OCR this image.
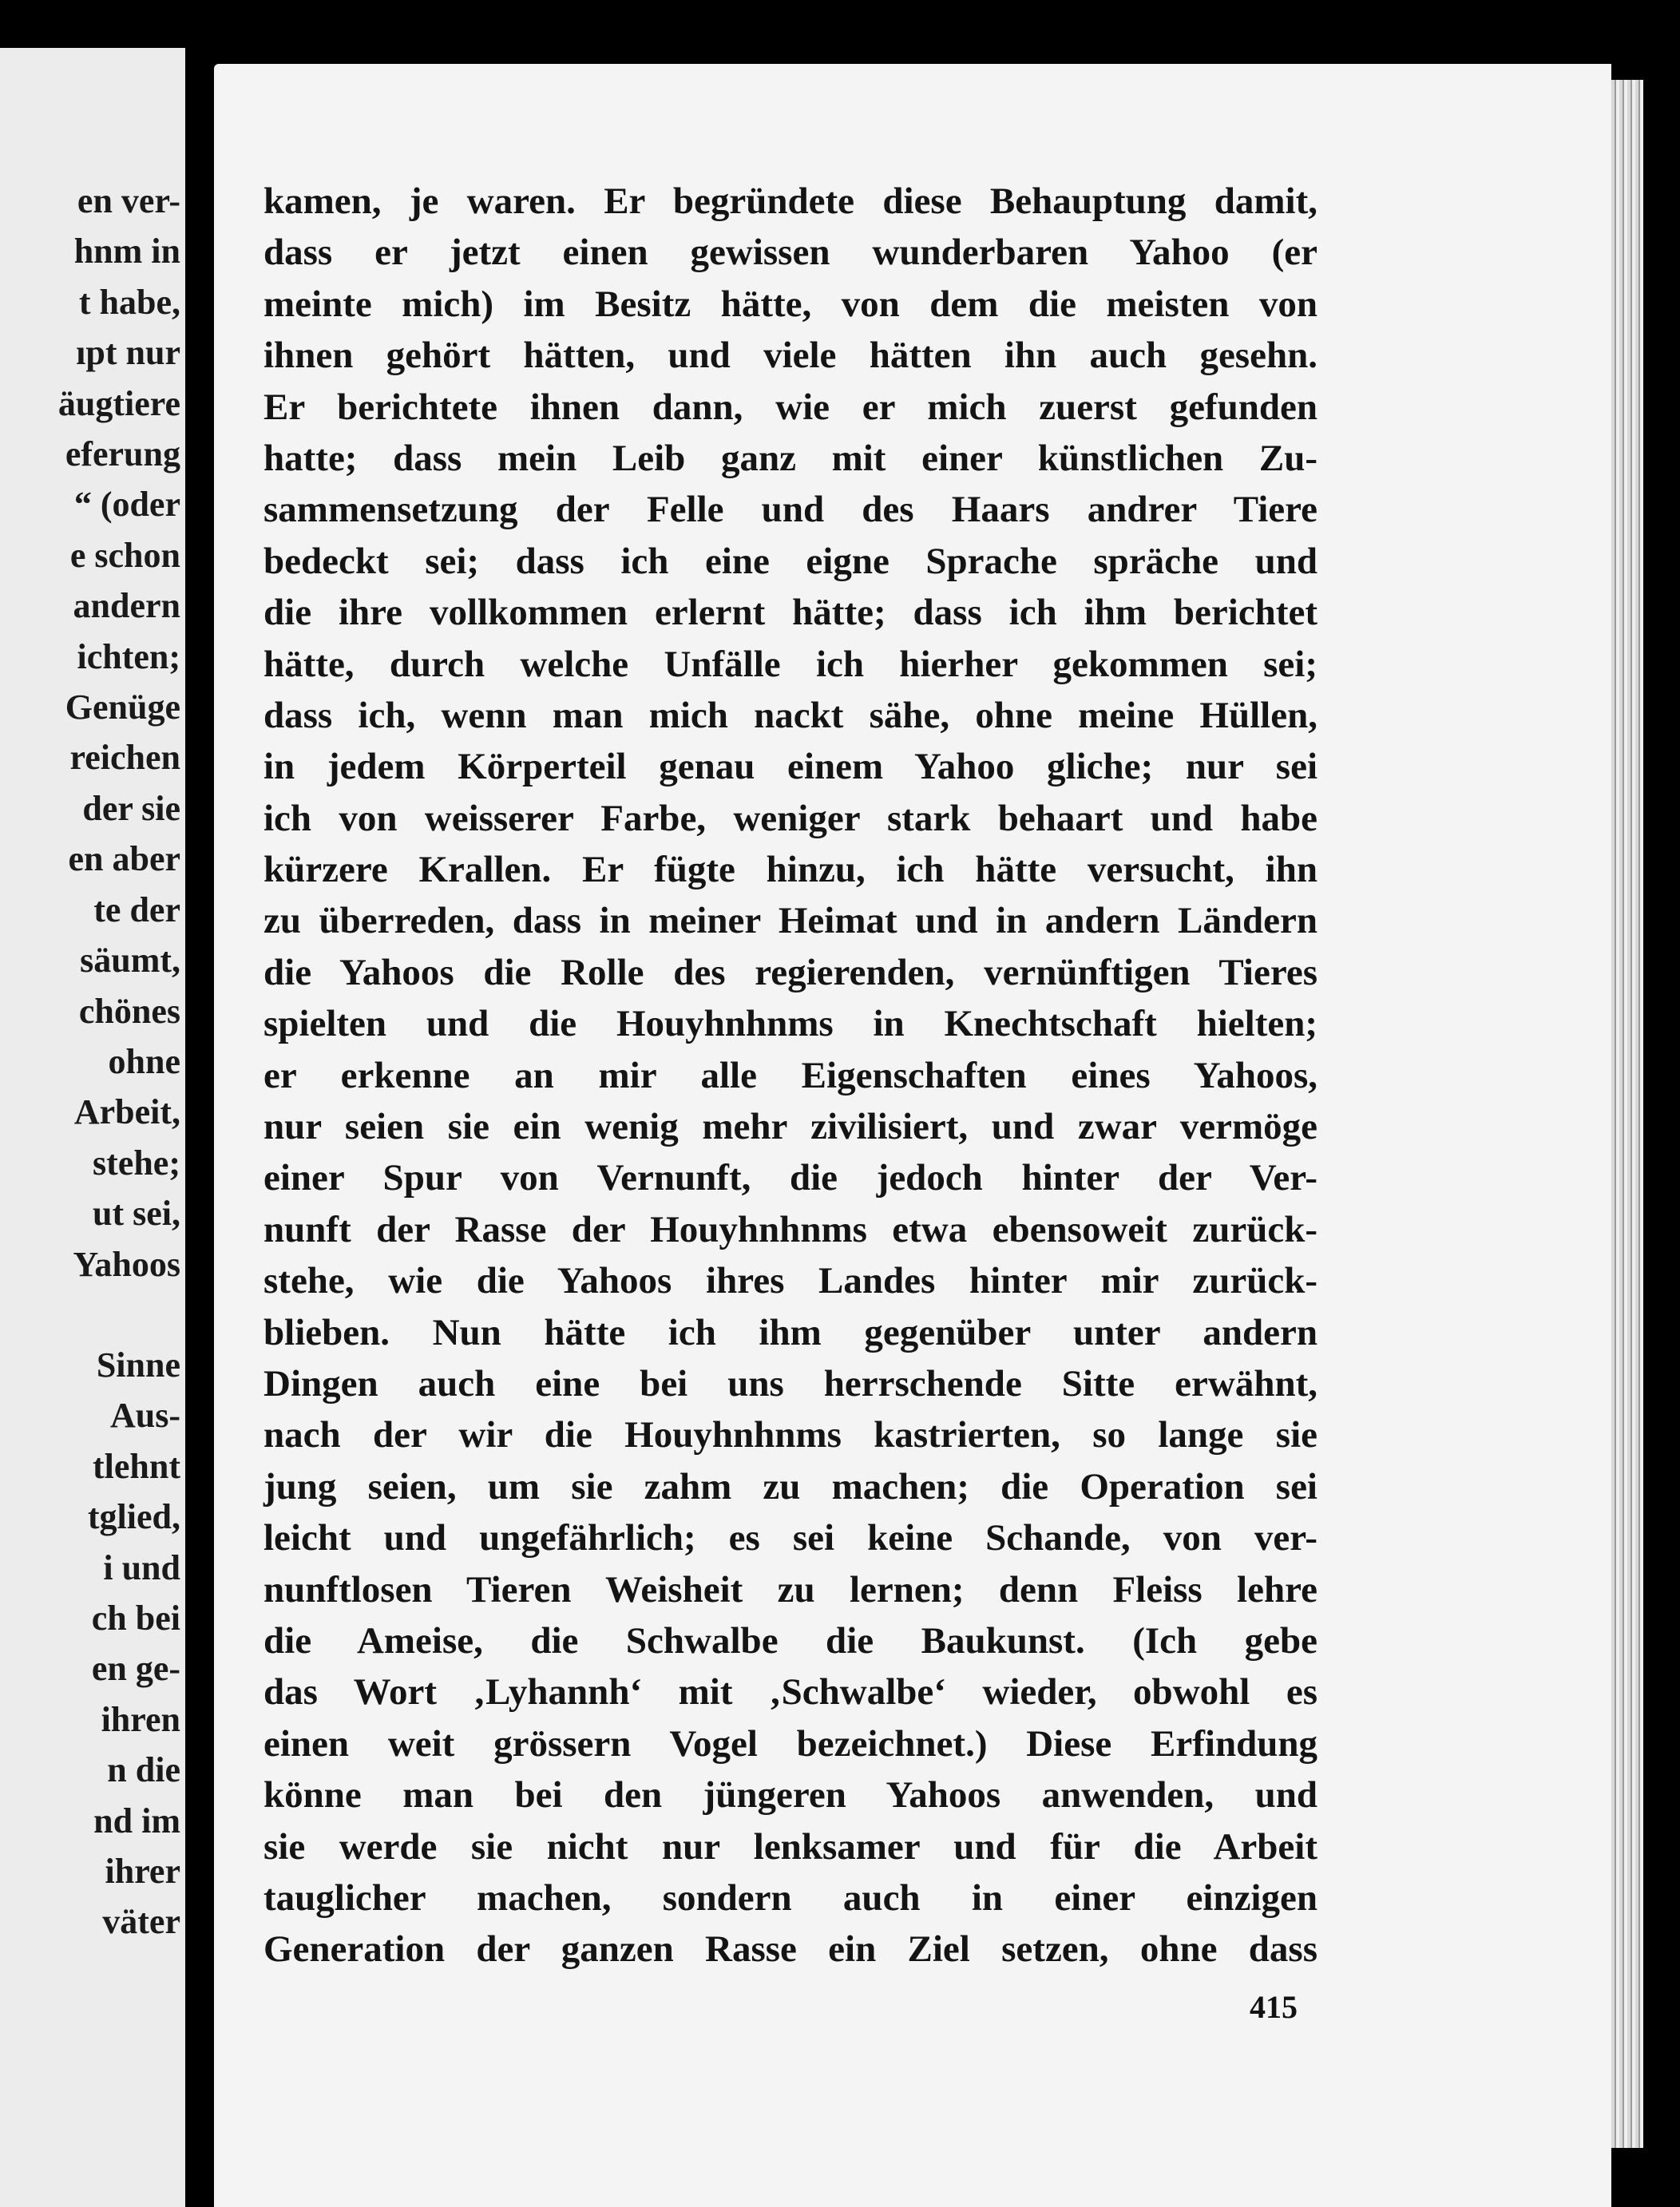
en ver-
hnm in
t habe,
ıpt nur
äugtiere
eferung
“ (oder
e schon
andern
ichten;
Genüge
reichen
der sie
en aber
te der
säumt,
chönes
ohne
Arbeit,
stehe;
ut sei,
Yahoos
Sinne
Aus-
tlehnt
tglied,
i und
ch bei
en ge-
ihren
n die
nd im
ihrer
väter
kamen, je waren. Er begründete diese Behauptung damit,
dass er jetzt einen gewissen wunderbaren Yahoo (er
meinte mich) im Besitz hätte, von dem die meisten von
ihnen gehört hätten, und viele hätten ihn auch gesehn.
Er berichtete ihnen dann, wie er mich zuerst gefunden
hatte; dass mein Leib ganz mit einer künstlichen Zu-
sammensetzung der Felle und des Haars andrer Tiere
bedeckt sei; dass ich eine eigne Sprache spräche und
die ihre vollkommen erlernt hätte; dass ich ihm berichtet
hätte, durch welche Unfälle ich hierher gekommen sei;
dass ich, wenn man mich nackt sähe, ohne meine Hüllen,
in jedem Körperteil genau einem Yahoo gliche; nur sei
ich von weisserer Farbe, weniger stark behaart und habe
kürzere Krallen. Er fügte hinzu, ich hätte versucht, ihn
zu überreden, dass in meiner Heimat und in andern Ländern
die Yahoos die Rolle des regierenden, vernünftigen Tieres
spielten und die Houyhnhnms in Knechtschaft hielten;
er erkenne an mir alle Eigenschaften eines Yahoos,
nur seien sie ein wenig mehr zivilisiert, und zwar vermöge
einer Spur von Vernunft, die jedoch hinter der Ver-
nunft der Rasse der Houyhnhnms etwa ebensoweit zurück-
stehe, wie die Yahoos ihres Landes hinter mir zurück-
blieben. Nun hätte ich ihm gegenüber unter andern
Dingen auch eine bei uns herrschende Sitte erwähnt,
nach der wir die Houyhnhnms kastrierten, so lange sie
jung seien, um sie zahm zu machen; die Operation sei
leicht und ungefährlich; es sei keine Schande, von ver-
nunftlosen Tieren Weisheit zu lernen; denn Fleiss lehre
die Ameise, die Schwalbe die Baukunst. (Ich gebe
das Wort ‚Lyhannh‘ mit ‚Schwalbe‘ wieder, obwohl es
einen weit grössern Vogel bezeichnet.) Diese Erfindung
könne man bei den jüngeren Yahoos anwenden, und
sie werde sie nicht nur lenksamer und für die Arbeit
tauglicher machen, sondern auch in einer einzigen
Generation der ganzen Rasse ein Ziel setzen, ohne dass
415
